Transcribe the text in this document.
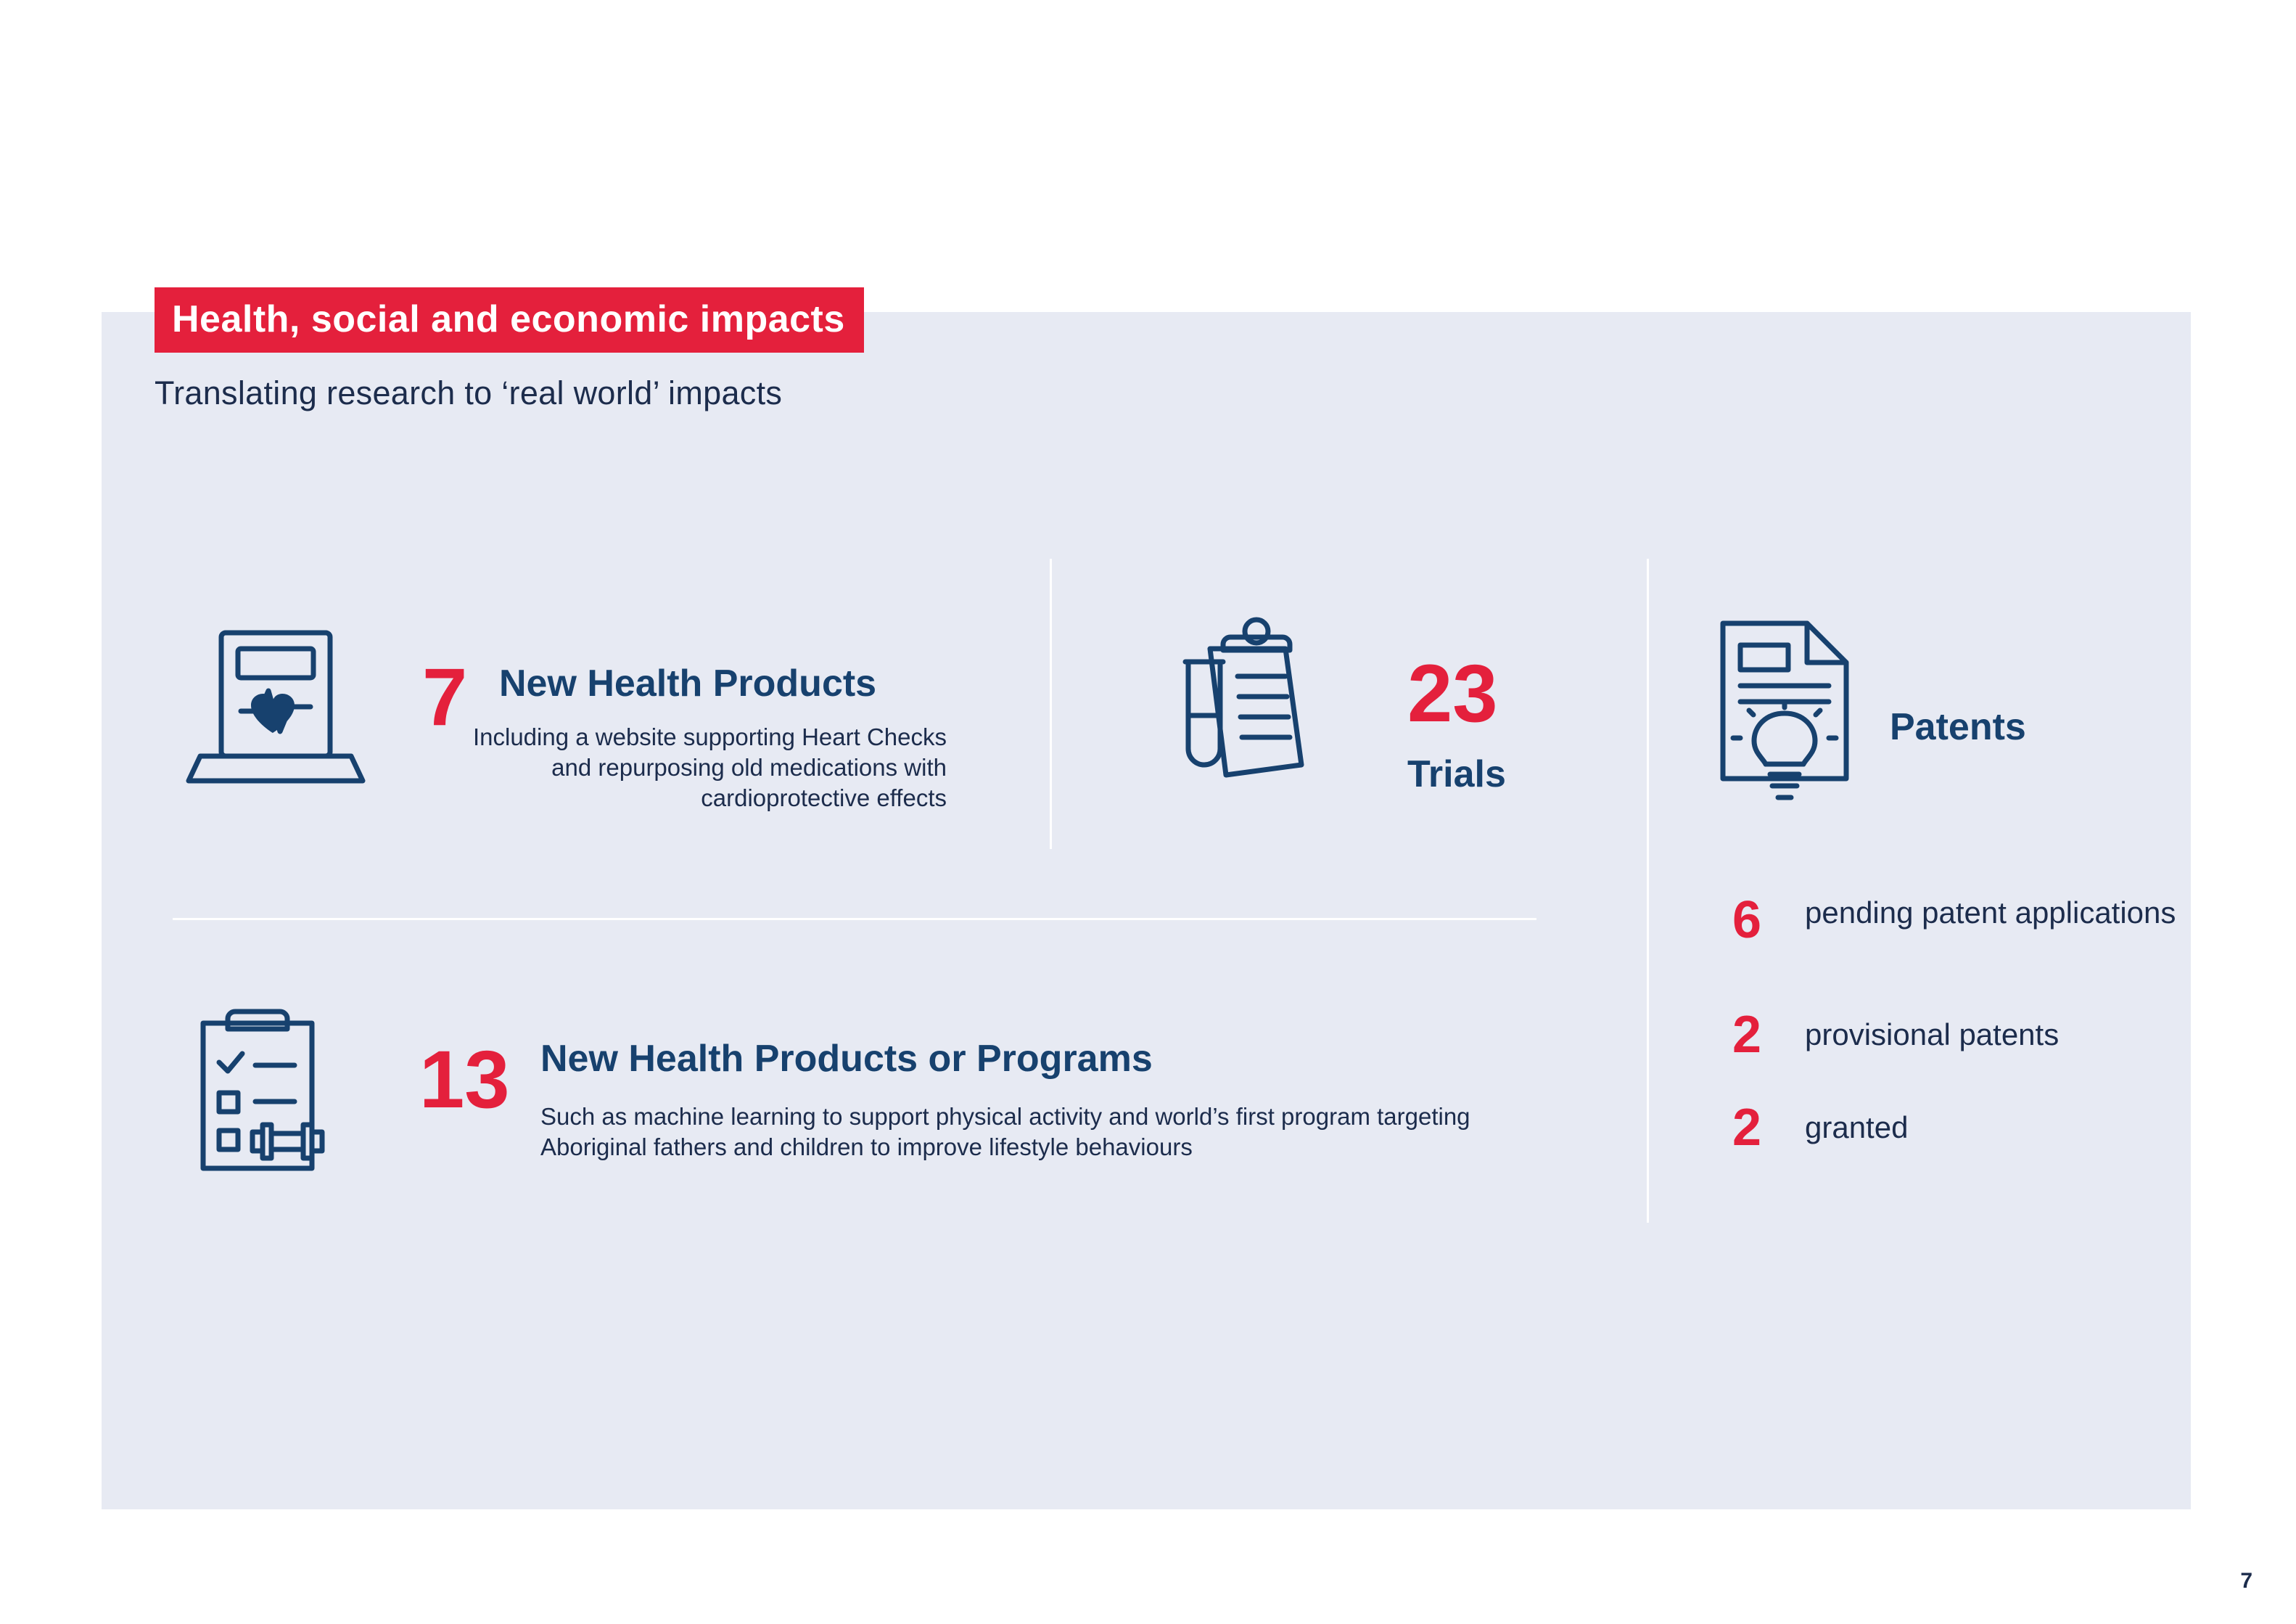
Health, social and economic impacts
Translating research to ‘real world’ impacts
7 New Health Products
Including a website supporting Heart Checks and repurposing old medications with cardioprotective effects
23
Trials
Patents
6 pending patent applications
2 provisional patents
2 granted
13 New Health Products or Programs
Such as machine learning to support physical activity and world’s first program targeting Aboriginal fathers and children to improve lifestyle behaviours
7
